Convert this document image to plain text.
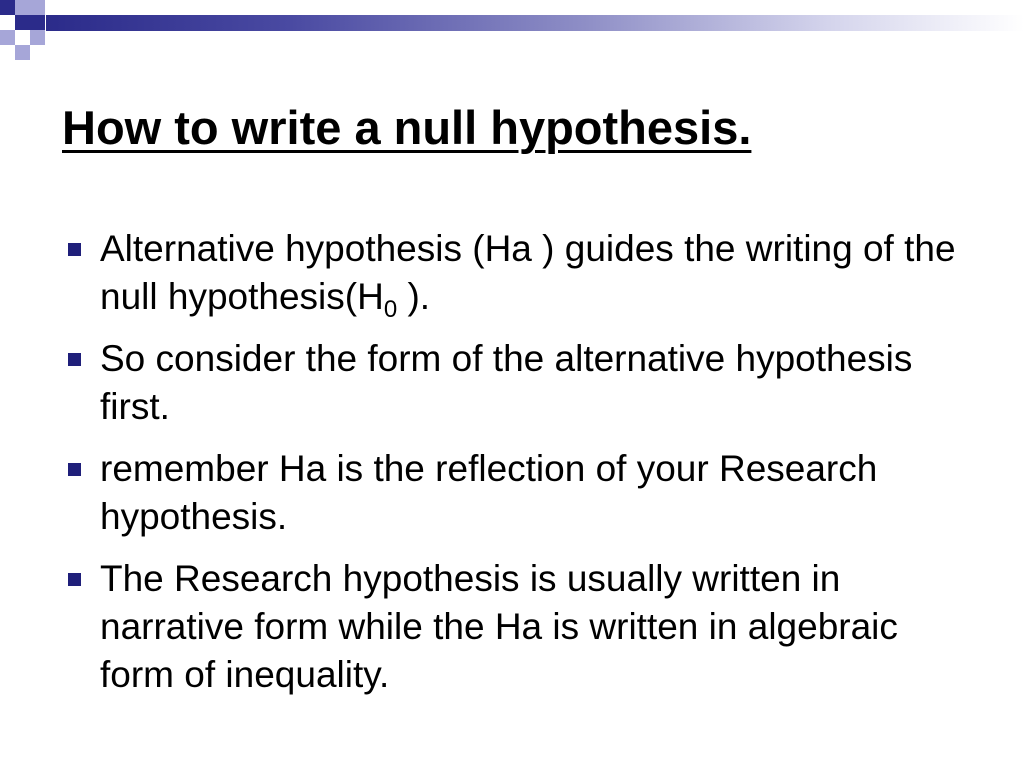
How to write a null hypothesis.
Alternative hypothesis (Ha ) guides the writing of the null $hypothesis(H_0$ ).
So consider the form of the alternative hypothesis first.
remember Ha is the reflection of your Research hypothesis.
The Research hypothesis is usually written in narrative form while the Ha is written in algebraic form of inequality.
